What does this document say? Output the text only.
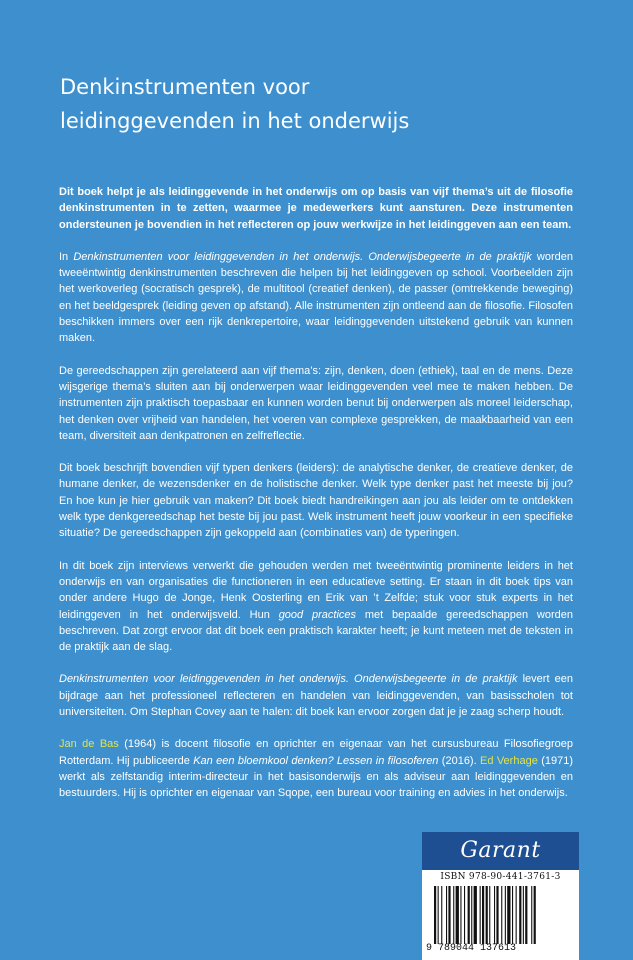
Denkinstrumenten voor
leidinggevenden in het onderwijs

Dit boek helpt je als leidinggevende in het onderwijs om op basis van vijf thema’s uit de filosofie denkinstrumenten in te zetten, waarmee je medewerkers kunt aansturen. Deze instrumenten ondersteunen je bovendien in het reflecteren op jouw werkwijze in het leidinggeven aan een team.

In Denkinstrumenten voor leidinggevenden in het onderwijs. Onderwijsbegeerte in de praktijk worden tweeëntwintig denkinstrumenten beschreven die helpen bij het leidinggeven op school. Voorbeelden zijn het werkoverleg (socratisch gesprek), de multitool (creatief denken), de passer (omtrekkende beweging) en het beeldgesprek (leiding geven op afstand). Alle instrumenten zijn ontleend aan de filosofie. Filosofen beschikken immers over een rijk denkrepertoire, waar leidinggevenden uitstekend gebruik van kunnen maken.

De gereedschappen zijn gerelateerd aan vijf thema’s: zijn, denken, doen (ethiek), taal en de mens. Deze wijsgerige thema’s sluiten aan bij onderwerpen waar leidinggevenden veel mee te maken hebben. De instrumenten zijn praktisch toepasbaar en kunnen worden benut bij onderwerpen als moreel leiderschap, het denken over vrijheid van handelen, het voeren van complexe gesprekken, de maakbaarheid van een team, diversiteit aan denkpatronen en zelfreflectie.

Dit boek beschrijft bovendien vijf typen denkers (leiders): de analytische denker, de creatieve denker, de humane denker, de wezensdenker en de holistische denker. Welk type denker past het meeste bij jou? En hoe kun je hier gebruik van maken? Dit boek biedt handreikingen aan jou als leider om te ontdekken welk type denkgereedschap het beste bij jou past. Welk instrument heeft jouw voorkeur in een specifieke situatie? De gereedschappen zijn gekoppeld aan (combinaties van) de typeringen.

In dit boek zijn interviews verwerkt die gehouden werden met tweeëntwintig prominente leiders in het onderwijs en van organisaties die functioneren in een educatieve setting. Er staan in dit boek tips van onder andere Hugo de Jonge, Henk Oosterling en Erik van ’t Zelfde; stuk voor stuk experts in het leidinggeven in het onderwijsveld. Hun good practices met bepaalde gereedschappen worden beschreven. Dat zorgt ervoor dat dit boek een praktisch karakter heeft; je kunt meteen met de teksten in de praktijk aan de slag.

Denkinstrumenten voor leidinggevenden in het onderwijs. Onderwijsbegeerte in de praktijk levert een bijdrage aan het professioneel reflecteren en handelen van leidinggevenden, van basisscholen tot universiteiten. Om Stephan Covey aan te halen: dit boek kan ervoor zorgen dat je je zaag scherp houdt.

Jan de Bas (1964) is docent filosofie en oprichter en eigenaar van het cursusbureau Filosofiegroep Rotterdam. Hij publiceerde Kan een bloemkool denken? Lessen in filosoferen (2016). Ed Verhage (1971) werkt als zelfstandig interim-directeur in het basisonderwijs en als adviseur aan leidinggevenden en bestuurders. Hij is oprichter en eigenaar van Sqope, een bureau voor training en advies in het onderwijs.

Garant
ISBN 978-90-441-3761-3
9 789044 137613
